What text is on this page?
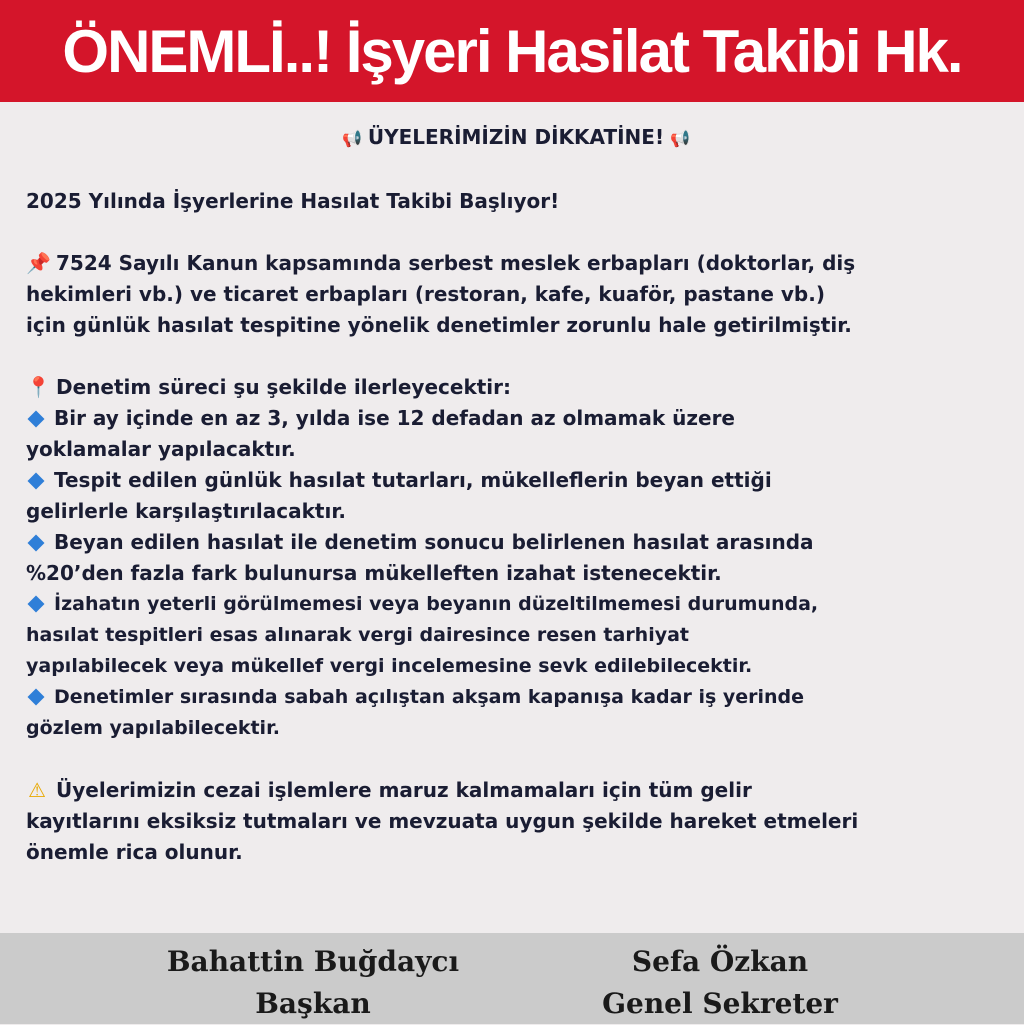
ÖNEMLİ..! İşyeri Hasilat Takibi Hk.
📢 ÜYELERİMİZİN DİKKATİNE! 📢
2025 Yılında İşyerlerine Hasılat Takibi Başlıyor!
📌 7524 Sayılı Kanun kapsamında serbest meslek erbapları (doktorlar, diş
hekimleri vb.) ve ticaret erbapları (restoran, kafe, kuaför, pastane vb.)
için günlük hasılat tespitine yönelik denetimler zorunlu hale getirilmiştir.
📍 Denetim süreci şu şekilde ilerleyecektir:
Bir ay içinde en az 3, yılda ise 12 defadan az olmamak üzere
yoklamalar yapılacaktır.
Tespit edilen günlük hasılat tutarları, mükelleflerin beyan ettiği
gelirlerle karşılaştırılacaktır.
Beyan edilen hasılat ile denetim sonucu belirlenen hasılat arasında
%20’den fazla fark bulunursa mükelleften izahat istenecektir.
İzahatın yeterli görülmemesi veya beyanın düzeltilmemesi durumunda,
hasılat tespitleri esas alınarak vergi dairesince resen tarhiyat
yapılabilecek veya mükellef vergi incelemesine sevk edilebilecektir.
Denetimler sırasında sabah açılıştan akşam kapanışa kadar iş yerinde
gözlem yapılabilecektir.
⚠ Üyelerimizin cezai işlemlere maruz kalmamaları için tüm gelir
kayıtlarını eksiksiz tutmaları ve mevzuata uygun şekilde hareket etmeleri
önemle rica olunur.
Bahattin Buğdaycı
Başkan
Sefa Özkan
Genel Sekreter
